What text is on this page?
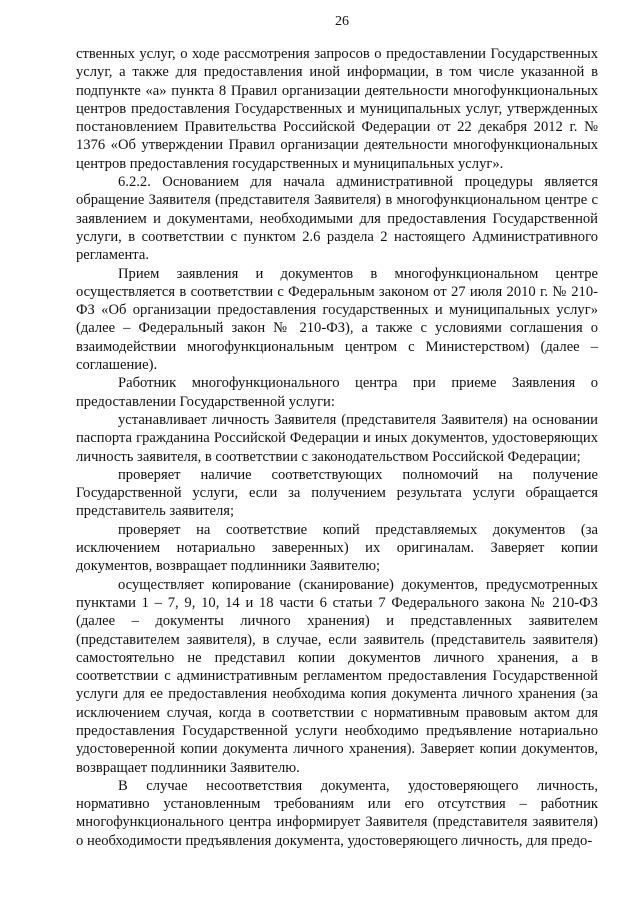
26

ственных услуг, о ходе рассмотрения запросов о предоставлении Государственных услуг, а также для предоставления иной информации, в том числе указанной в подпункте «а» пункта 8 Правил организации деятельности многофункциональных центров предоставления Государственных и муниципальных услуг, утвержденных постановлением Правительства Российской Федерации от 22 декабря 2012 г. № 1376 «Об утверждении Правил организации деятельности многофункциональных центров предоставления государственных и муниципальных услуг».

6.2.2. Основанием для начала административной процедуры является обращение Заявителя (представителя Заявителя) в многофункциональном центре с заявлением и документами, необходимыми для предоставления Государственной услуги, в соответствии с пунктом 2.6 раздела 2 настоящего Административного регламента.

Прием заявления и документов в многофункциональном центре осуществляется в соответствии с Федеральным законом от 27 июля 2010 г. № 210-ФЗ «Об организации предоставления государственных и муниципальных услуг» (далее – Федеральный закон № 210-ФЗ), а также с условиями соглашения о взаимодействии многофункциональным центром с Министерством) (далее – соглашение).

Работник многофункционального центра при приеме Заявления о предоставлении Государственной услуги:

устанавливает личность Заявителя (представителя Заявителя) на основании паспорта гражданина Российской Федерации и иных документов, удостоверяющих личность заявителя, в соответствии с законодательством Российской Федерации;

проверяет наличие соответствующих полномочий на получение Государственной услуги, если за получением результата услуги обращается представитель заявителя;

проверяет на соответствие копий представляемых документов (за исключением нотариально заверенных) их оригиналам. Заверяет копии документов, возвращает подлинники Заявителю;

осуществляет копирование (сканирование) документов, предусмотренных пунктами 1 – 7, 9, 10, 14 и 18 части 6 статьи 7 Федерального закона № 210-ФЗ (далее – документы личного хранения) и представленных заявителем (представителем заявителя), в случае, если заявитель (представитель заявителя) самостоятельно не представил копии документов личного хранения, а в соответствии с административным регламентом предоставления Государственной услуги для ее предоставления необходима копия документа личного хранения (за исключением случая, когда в соответствии с нормативным правовым актом для предоставления Государственной услуги необходимо предъявление нотариально удостоверенной копии документа личного хранения). Заверяет копии документов, возвращает подлинники Заявителю.

В случае несоответствия документа, удостоверяющего личность, нормативно установленным требованиям или его отсутствия – работник многофункционального центра информирует Заявителя (представителя заявителя) о необходимости предъявления документа, удостоверяющего личность, для предо-
